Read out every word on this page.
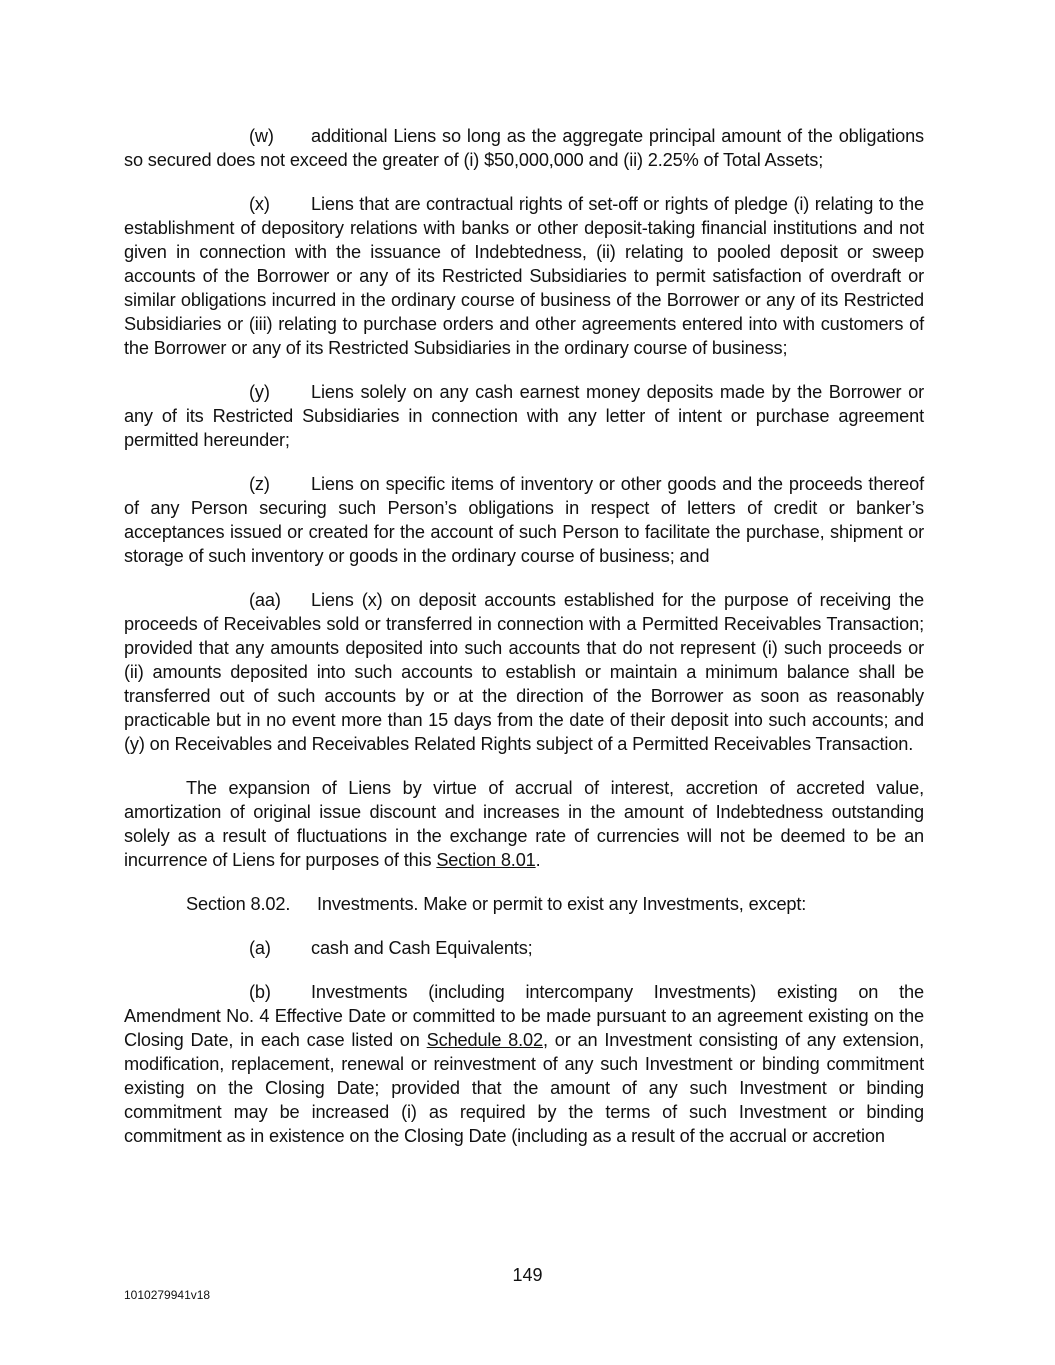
(w) additional Liens so long as the aggregate principal amount of the obligations so secured does not exceed the greater of (i) $50,000,000 and (ii) 2.25% of Total Assets;

(x) Liens that are contractual rights of set-off or rights of pledge (i) relating to the establishment of depository relations with banks or other deposit-taking financial institutions and not given in connection with the issuance of Indebtedness, (ii) relating to pooled deposit or sweep accounts of the Borrower or any of its Restricted Subsidiaries to permit satisfaction of overdraft or similar obligations incurred in the ordinary course of business of the Borrower or any of its Restricted Subsidiaries or (iii) relating to purchase orders and other agreements entered into with customers of the Borrower or any of its Restricted Subsidiaries in the ordinary course of business;

(y) Liens solely on any cash earnest money deposits made by the Borrower or any of its Restricted Subsidiaries in connection with any letter of intent or purchase agreement permitted hereunder;

(z) Liens on specific items of inventory or other goods and the proceeds thereof of any Person securing such Person’s obligations in respect of letters of credit or banker’s acceptances issued or created for the account of such Person to facilitate the purchase, shipment or storage of such inventory or goods in the ordinary course of business; and

(aa) Liens (x) on deposit accounts established for the purpose of receiving the proceeds of Receivables sold or transferred in connection with a Permitted Receivables Transaction; provided that any amounts deposited into such accounts that do not represent (i) such proceeds or (ii) amounts deposited into such accounts to establish or maintain a minimum balance shall be transferred out of such accounts by or at the direction of the Borrower as soon as reasonably practicable but in no event more than 15 days from the date of their deposit into such accounts; and (y) on Receivables and Receivables Related Rights subject of a Permitted Receivables Transaction.

The expansion of Liens by virtue of accrual of interest, accretion of accreted value, amortization of original issue discount and increases in the amount of Indebtedness outstanding solely as a result of fluctuations in the exchange rate of currencies will not be deemed to be an incurrence of Liens for purposes of this Section 8.01.

Section 8.02. Investments. Make or permit to exist any Investments, except:
(a) cash and Cash Equivalents;

(b) Investments (including intercompany Investments) existing on the Amendment No. 4 Effective Date or committed to be made pursuant to an agreement existing on the Closing Date, in each case listed on Schedule 8.02, or an Investment consisting of any extension, modification, replacement, renewal or reinvestment of any such Investment or binding commitment existing on the Closing Date; provided that the amount of any such Investment or binding commitment may be increased (i) as required by the terms of such Investment or binding commitment as in existence on the Closing Date (including as a result of the accrual or accretion

149
1010279941v18
